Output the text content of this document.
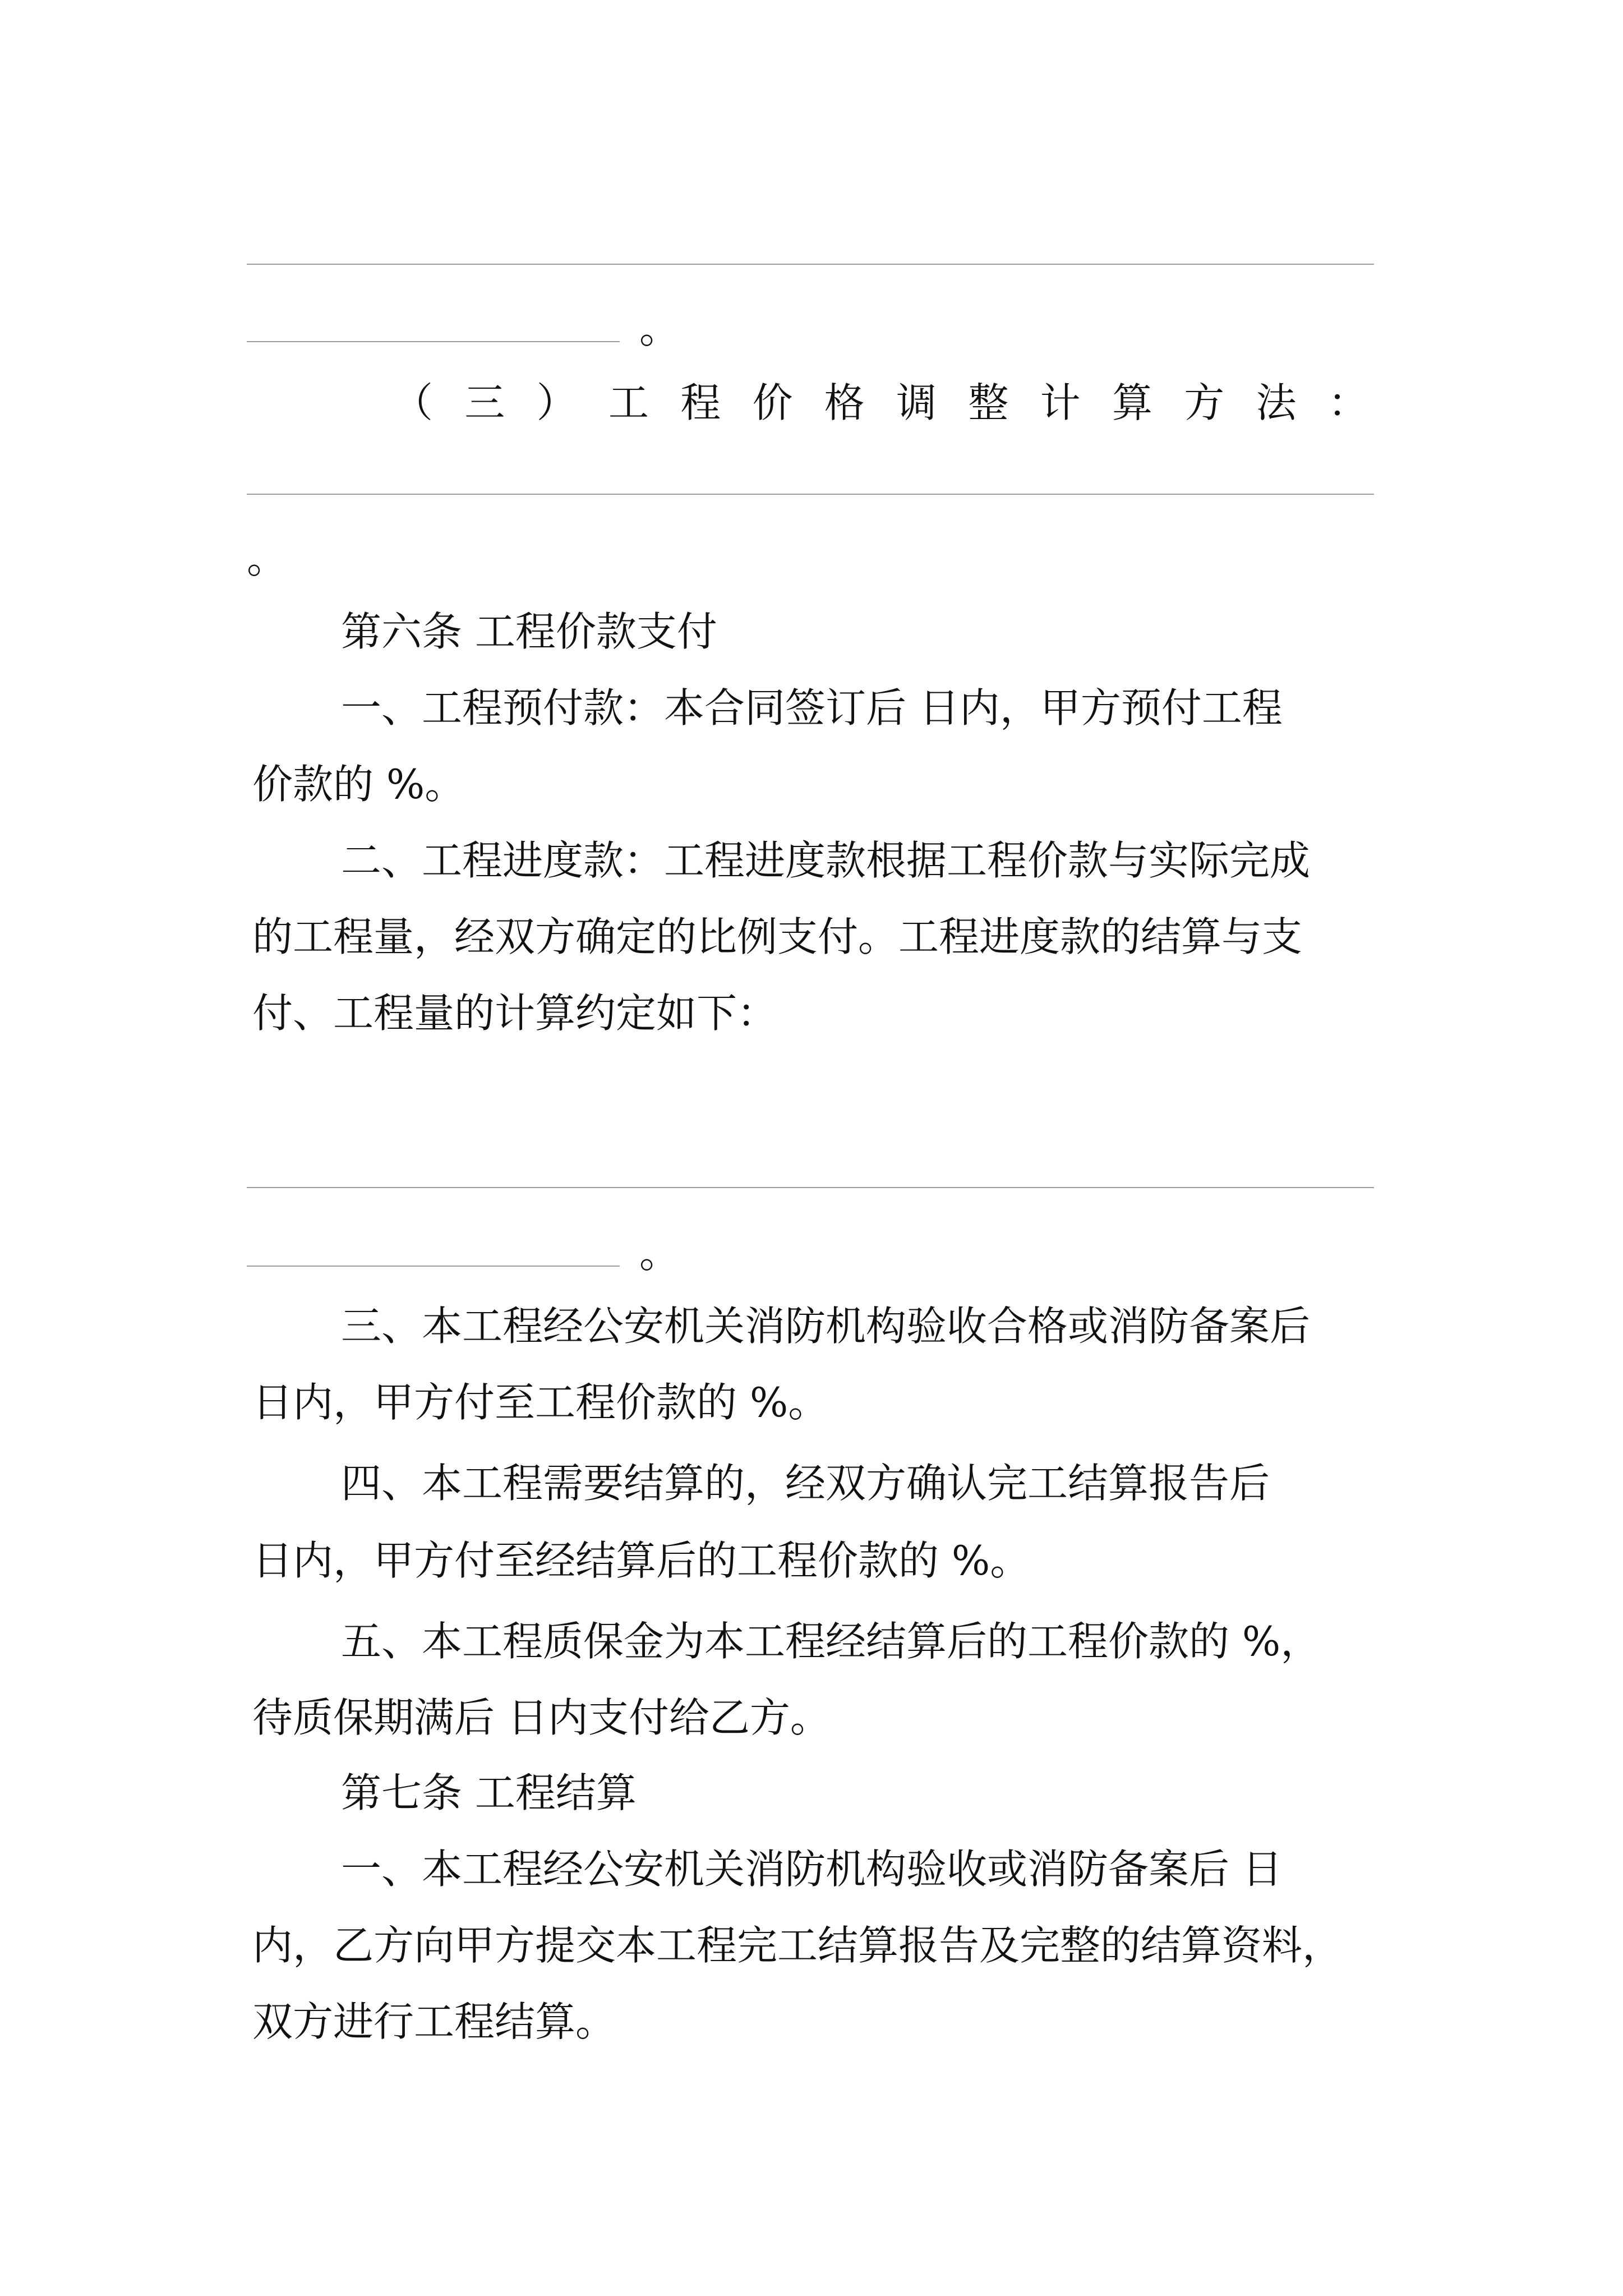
。
（ 三 ） 工 程 价 格 调 整 计 算 方 法 ：
。
第六条 工程价款支付
一、工程预付款：本合同签订后 日内，甲方预付工程
价款的 %。
二、工程进度款：工程进度款根据工程价款与实际完成
的工程量，经双方确定的比例支付。工程进度款的结算与支
付、工程量的计算约定如下：
。
三、本工程经公安机关消防机构验收合格或消防备案后
日内，甲方付至工程价款的 %。
四、本工程需要结算的，经双方确认完工结算报告后
日内，甲方付至经结算后的工程价款的 %。
五、本工程质保金为本工程经结算后的工程价款的 %，
待质保期满后 日内支付给乙方。
第七条 工程结算
一、本工程经公安机关消防机构验收或消防备案后 日
内，乙方向甲方提交本工程完工结算报告及完整的结算资料，
双方进行工程结算。
